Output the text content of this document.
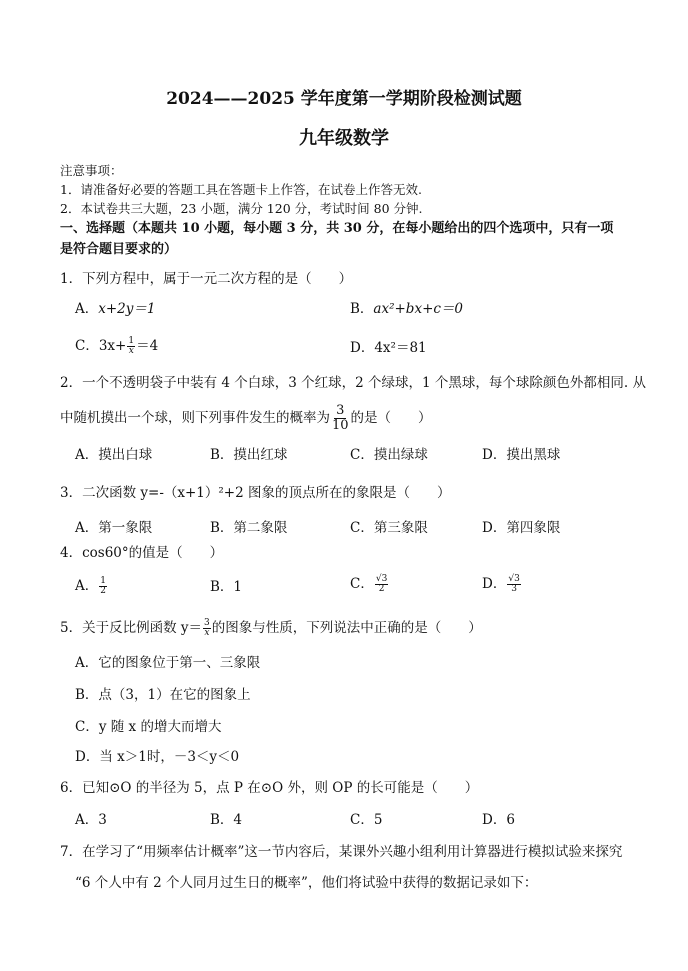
2024——2025 学年度第一学期阶段检测试题
九年级数学
注意事项：
1．请准备好必要的答题工具在答题卡上作答，在试卷上作答无效.
2．本试卷共三大题，23 小题，满分 120 分，考试时间 80 分钟.
一、选择题（本题共 10 小题，每小题 3 分，共 30 分，在每小题给出的四个选项中，只有一项
是符合题目要求的）
1．下列方程中，属于一元二次方程的是（　　）
A．x+2y＝1	B．ax²+bx+c＝0
C．$3x+ \frac{1}{x} =4$	D．4x²＝81
2．一个不透明袋子中装有 4 个白球，3 个红球，2 个绿球，1 个黑球，每个球除颜色外都相同. 从
中随机摸出一个球，则下列事件发生的概率为 $\frac{3}{10}$ 的是（　　）
A．摸出白球	B．摸出红球	C．摸出绿球	D．摸出黑球
3．二次函数 y=-（x+1）²+2 图象的顶点所在的象限是（　　）
A．第一象限	B．第二象限	C．第三象限	D．第四象限
4．cos60°的值是（　　）
A． $\frac{1}{2}$	B．1	C． $\frac{√3}{2}$	D． $\frac{√3}{3}$
5．关于反比例函数 $y= \frac{3}{x}$ 的图象与性质，下列说法中正确的是（　　）
A．它的图象位于第一、三象限
B．点（3，1）在它的图象上
C．y 随 x 的增大而增大
D．当 x＞1时，－3＜y＜0
6．已知⊙O 的半径为 5，点 P 在⊙O 外，则 OP 的长可能是（　　）
A．3	B．4	C．5	D．6
7．在学习了“用频率估计概率”这一节内容后，某课外兴趣小组利用计算器进行模拟试验来探究
“6 个人中有 2 个人同月过生日的概率”，他们将试验中获得的数据记录如下：
